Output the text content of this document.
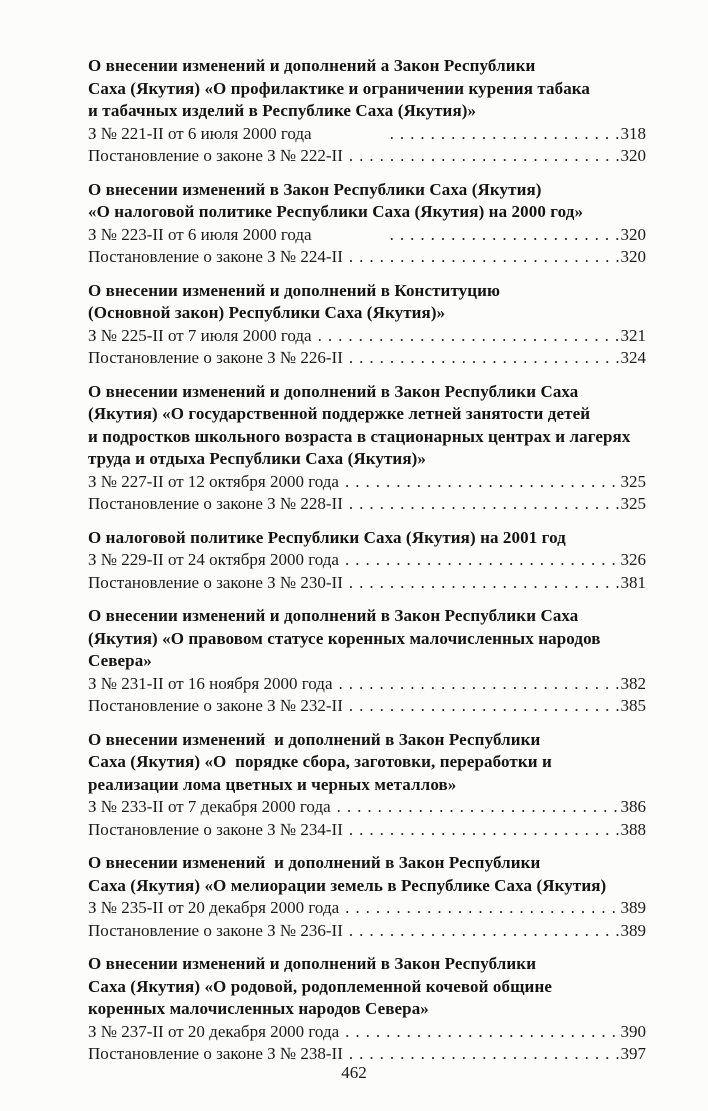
О внесении изменений и дополнений а Закон Республики
Саха (Якутия) «О профилактике и ограничении курения табака
и табачных изделий в Республике Саха (Якутия)»
З № 221-II от 6 июля 2000 года .....	318
Постановление о законе З № 222-II .....	320
О внесении изменений в Закон Республики Саха (Якутия)
«О налоговой политике Республики Саха (Якутия) на 2000 год»
З № 223-II от 6 июля 2000 года .....	320
Постановление о законе З № 224-II .....	320
О внесении изменений и дополнений в Конституцию
(Основной закон) Республики Саха (Якутия)»
З № 225-II от 7 июля 2000 года .....	321
Постановление о законе З № 226-II .....	324
О внесении изменений и дополнений в Закон Республики Саха
(Якутия) «О государственной поддержке летней занятости детей
и подростков школьного возраста в стационарных центрах и лагерях
труда и отдыха Республики Саха (Якутия)»
З № 227-II от 12 октября 2000 года .....	325
Постановление о законе З № 228-II .....	325
О налоговой политике Республики Саха (Якутия) на 2001 год
З № 229-II от 24 октября 2000 года .....	326
Постановление о законе З № 230-II .....	381
О внесении изменений и дополнений в Закон Республики Саха
(Якутия) «О правовом статусе коренных малочисленных народов
Севера»
З № 231-II от 16 ноября 2000 года .....	382
Постановление о законе З № 232-II .....	385
О внесении изменений  и дополнений в Закон Республики
Саха (Якутия) «О  порядке сбора, заготовки, переработки и
реализации лома цветных и черных металлов»
З № 233-II от 7 декабря 2000 года .....	386
Постановление о законе З № 234-II .....	388
О внесении изменений  и дополнений в Закон Республики
Саха (Якутия) «О мелиорации земель в Республике Саха (Якутия)
З № 235-II от 20 декабря 2000 года .....	389
Постановление о законе З № 236-II .....	389
О внесении изменений и дополнений в Закон Республики
Саха (Якутия) «О родовой, родоплеменной кочевой общине
коренных малочисленных народов Севера»
З № 237-II от 20 декабря 2000 года .....	390
Постановление о законе З № 238-II .....	397
462
